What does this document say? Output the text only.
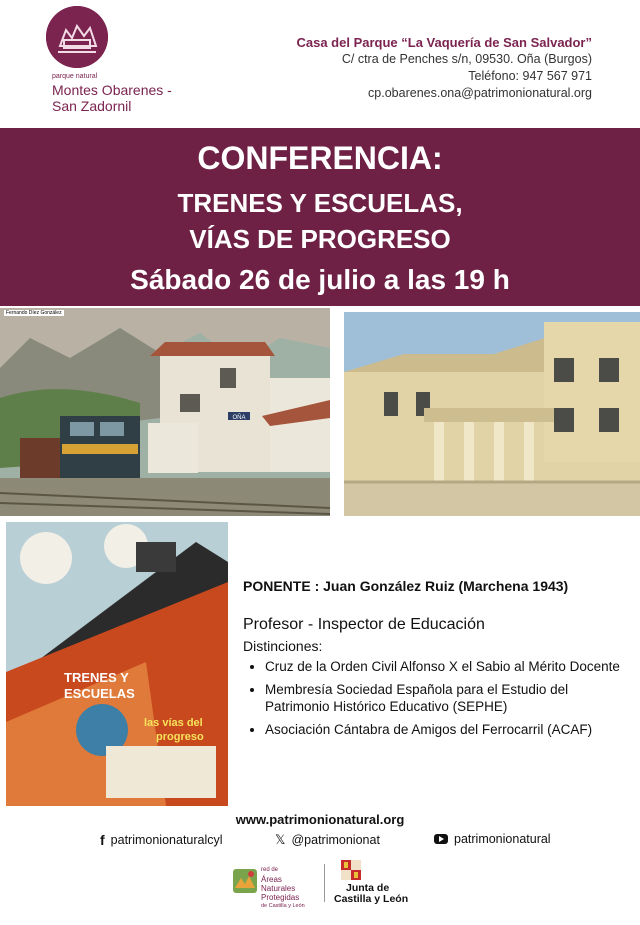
parque natural
Montes Obarenes -
San Zadornil
Casa del Parque “La Vaquería de San Salvador”
C/ ctra de Penches s/n, 09530. Oña (Burgos)
Teléfono: 947 567 971
cp.obarenes.ona@patrimonionatural.org
CONFERENCIA:
TRENES Y ESCUELAS,
VÍAS DE PROGRESO
Sábado 26 de julio a las 19 h
OÑA
Fernando Díez González
TRENES Y
ESCUELAS
las vías del
progreso
PONENTE : Juan González Ruiz (Marchena 1943)
Profesor - Inspector de Educación
Distinciones:
• Cruz de la Orden Civil Alfonso X el Sabio al Mérito Docente
• Membresía Sociedad Española para el Estudio del Patrimonio Histórico Educativo (SEPHE)
• Asociación Cántabra de Amigos del Ferrocarril (ACAF)
www.patrimonionatural.org
f patrimonionaturalcyl	𝕏 @patrimonionat	patrimonionatural
red de
Áreas
Naturales
Protegidas
de Castilla y León
Junta de
Castilla y León
